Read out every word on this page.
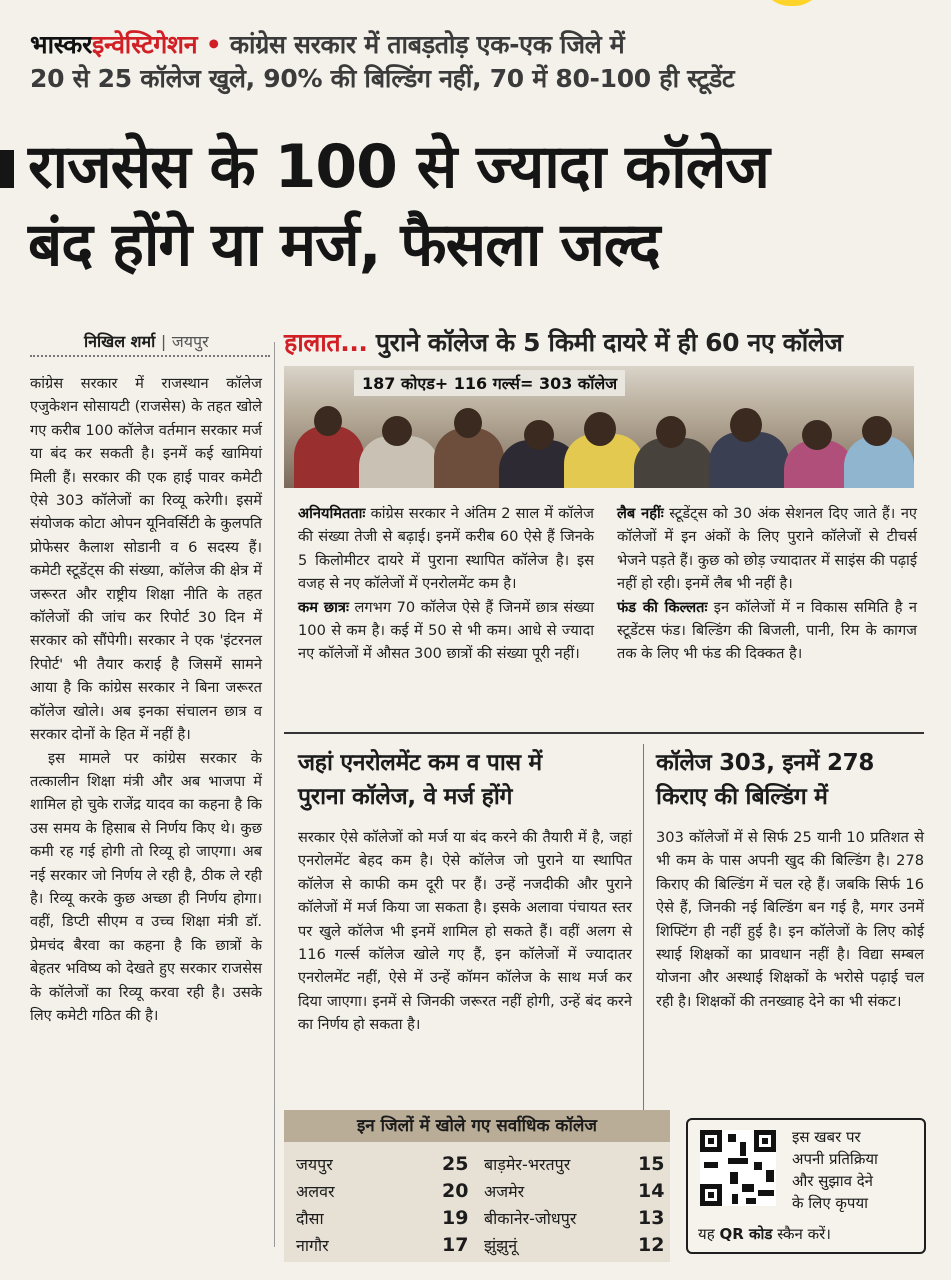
भास्करइन्वेस्टिगेशन • कांग्रेस सरकार में ताबड़तोड़ एक-एक जिले में
20 से 25 कॉलेज खुले, 90% की बिल्डिंग नहीं, 70 में 80-100 ही स्टूडेंट
राजसेस के 100 से ज्यादा कॉलेज
बंद होंगे या मर्ज, फैसला जल्द
निखिल शर्मा | जयपुर	हालात... पुराने कॉलेज के 5 किमी दायरे में ही 60 नए कॉलेज
187 कोएड+ 116 गर्ल्स= 303 कॉलेज

कांग्रेस सरकार में राजस्थान कॉलेज एजुकेशन सोसायटी (राजसेस) के तहत खोले गए करीब 100 कॉलेज वर्तमान सरकार मर्ज या बंद कर सकती है। इनमें कई खामियां मिली हैं। सरकार की एक हाई पावर कमेटी ऐसे 303 कॉलेजों का रिव्यू करेगी। इसमें संयोजक कोटा ओपन यूनिवर्सिटी के कुलपति प्रोफेसर कैलाश सोडानी व 6 सदस्य हैं। कमेटी स्टूडेंट्स की संख्या, कॉलेज की क्षेत्र में जरूरत और राष्ट्रीय शिक्षा नीति के तहत कॉलेजों की जांच कर रिपोर्ट 30 दिन में सरकार को सौंपेगी। सरकार ने एक 'इंटरनल रिपोर्ट' भी तैयार कराई है जिसमें सामने आया है कि कांग्रेस सरकार ने बिना जरूरत कॉलेज खोले। अब इनका संचालन छात्र व सरकार दोनों के हित में नहीं है।

इस मामले पर कांग्रेस सरकार के तत्कालीन शिक्षा मंत्री और अब भाजपा में शामिल हो चुके राजेंद्र यादव का कहना है कि उस समय के हिसाब से निर्णय किए थे। कुछ कमी रह गई होगी तो रिव्यू हो जाएगा। अब नई सरकार जो निर्णय ले रही है, ठीक ले रही है। रिव्यू करके कुछ अच्छा ही निर्णय होगा। वहीं, डिप्टी सीएम व उच्च शिक्षा मंत्री डॉ. प्रेमचंद बैरवा का कहना है कि छात्रों के बेहतर भविष्य को देखते हुए सरकार राजसेस के कॉलेजों का रिव्यू करवा रही है। उसके लिए कमेटी गठित की है।

अनियमितताः कांग्रेस सरकार ने अंतिम 2 साल में कॉलेज की संख्या तेजी से बढ़ाई। इनमें करीब 60 ऐसे हैं जिनके 5 किलोमीटर दायरे में पुराना स्थापित कॉलेज है। इस वजह से नए कॉलेजों में एनरोलमेंट कम है।
कम छात्रः लगभग 70 कॉलेज ऐसे हैं जिनमें छात्र संख्या 100 से कम है। कई में 50 से भी कम। आधे से ज्यादा नए कॉलेजों में औसत 300 छात्रों की संख्या पूरी नहीं।
लैब नहींः स्टूडेंट्स को 30 अंक सेशनल दिए जाते हैं। नए कॉलेजों में इन अंकों के लिए पुराने कॉलेजों से टीचर्स भेजने पड़ते हैं। कुछ को छोड़ ज्यादातर में साइंस की पढ़ाई नहीं हो रही। इनमें लैब भी नहीं है।
फंड की किल्लतः इन कॉलेजों में न विकास समिति है न स्टूडेंटस फंड। बिल्डिंग की बिजली, पानी, रिम के कागज तक के लिए भी फंड की दिक्कत है।
जहां एनरोलमेंट कम व पास में
पुराना कॉलेज, वे मर्ज होंगे
सरकार ऐसे कॉलेजों को मर्ज या बंद करने की तैयारी में है, जहां एनरोलमेंट बेहद कम है। ऐसे कॉलेज जो पुराने या स्थापित कॉलेज से काफी कम दूरी पर हैं। उन्हें नजदीकी और पुराने कॉलेजों में मर्ज किया जा सकता है। इसके अलावा पंचायत स्तर पर खुले कॉलेज भी इनमें शामिल हो सकते हैं। वहीं अलग से 116 गर्ल्स कॉलेज खोले गए हैं, इन कॉलेजों में ज्यादातर एनरोलमेंट नहीं, ऐसे में उन्हें कॉमन कॉलेज के साथ मर्ज कर दिया जाएगा। इनमें से जिनकी जरूरत नहीं होगी, उन्हें बंद करने का निर्णय हो सकता है।
कॉलेज 303, इनमें 278
किराए की बिल्डिंग में
303 कॉलेजों में से सिर्फ 25 यानी 10 प्रतिशत से भी कम के पास अपनी खुद की बिल्डिंग है। 278 किराए की बिल्डिंग में चल रहे हैं। जबकि सिर्फ 16 ऐसे हैं, जिनकी नई बिल्डिंग बन गई है, मगर उनमें शिफ्टिंग ही नहीं हुई है। इन कॉलेजों के लिए कोई स्थाई शिक्षकों का प्रावधान नहीं है। विद्या सम्बल योजना और अस्थाई शिक्षकों के भरोसे पढ़ाई चल रही है। शिक्षकों की तनख्वाह देने का भी संकट।
इन जिलों में खोले गए सर्वाधिक कॉलेज
जयपुर	25 बाड़मेर-भरतपुर	15
अलवर	20 अजमेर	14
दौसा	19 बीकानेर-जोधपुर	13
नागौर	17 झुंझुनूं	12
इस खबर पर
अपनी प्रतिक्रिया
और सुझाव देने
के लिए कृपया
यह QR कोड स्कैन करें।
